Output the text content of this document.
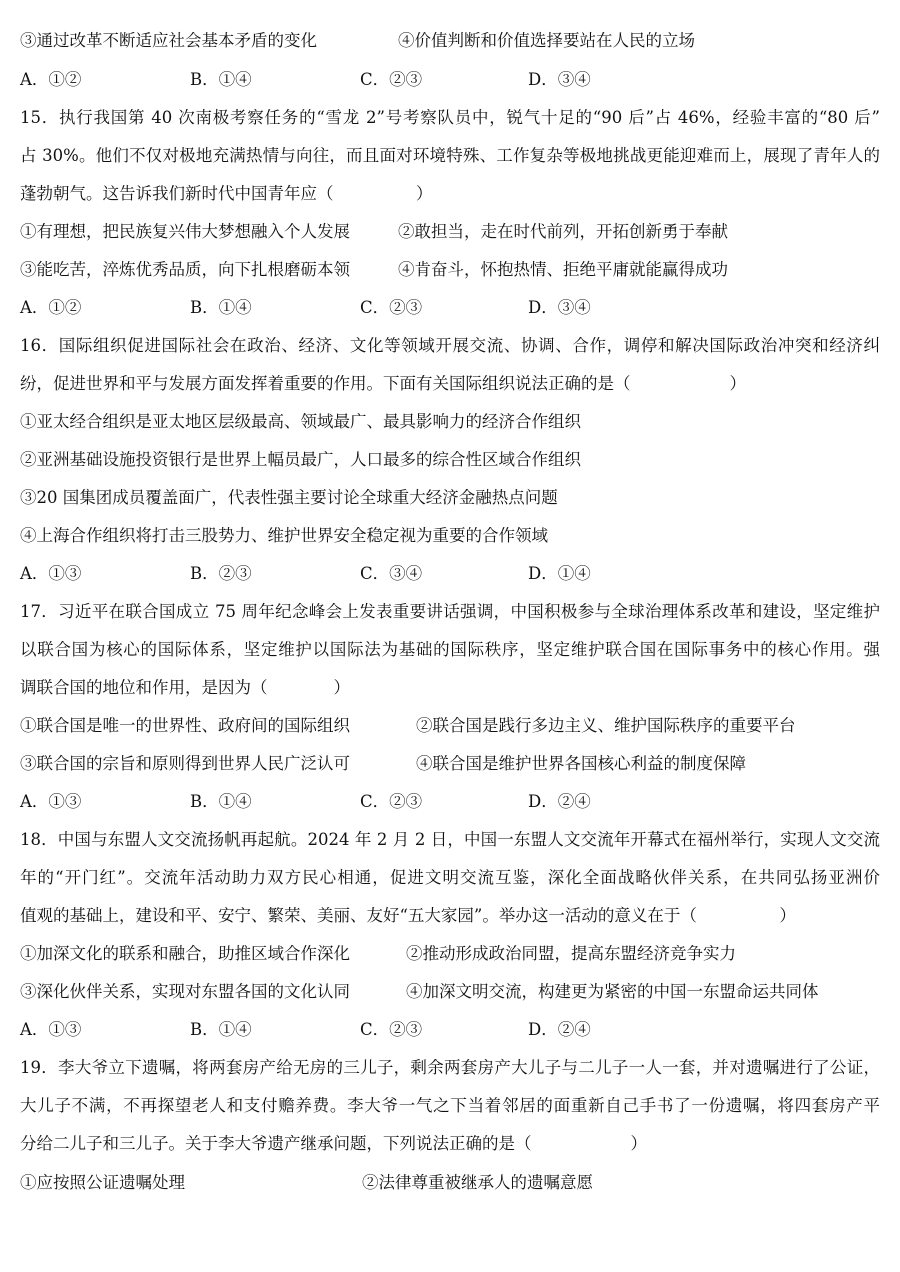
③通过改革不断适应社会基本矛盾的变化	④价值判断和价值选择要站在人民的立场
A．①②	B．①④	C．②③	D．③④
15．执行我国第 40 次南极考察任务的“雪龙 2”号考察队员中，锐气十足的“90 后”占 46%，经验丰富的“80 后”
占 30%。他们不仅对极地充满热情与向往，而且面对环境特殊、工作复杂等极地挑战更能迎难而上，展现了青年人的
蓬勃朝气。这告诉我们新时代中国青年应（　　　　　）
①有理想，把民族复兴伟大梦想融入个人发展	②敢担当，走在时代前列，开拓创新勇于奉献
③能吃苦，淬炼优秀品质，向下扎根磨砺本领	④肯奋斗，怀抱热情、拒绝平庸就能赢得成功
A．①②	B．①④	C．②③	D．③④
16．国际组织促进国际社会在政治、经济、文化等领域开展交流、协调、合作，调停和解决国际政治冲突和经济纠
纷，促进世界和平与发展方面发挥着重要的作用。下面有关国际组织说法正确的是（　　　　　　）
①亚太经合组织是亚太地区层级最高、领域最广、最具影响力的经济合作组织
②亚洲基础设施投资银行是世界上幅员最广，人口最多的综合性区域合作组织
③20 国集团成员覆盖面广，代表性强主要讨论全球重大经济金融热点问题
④上海合作组织将打击三股势力、维护世界安全稳定视为重要的合作领域
A．①③	B．②③	C．③④	D．①④
17．习近平在联合国成立 75 周年纪念峰会上发表重要讲话强调，中国积极参与全球治理体系改革和建设，坚定维护
以联合国为核心的国际体系，坚定维护以国际法为基础的国际秩序，坚定维护联合国在国际事务中的核心作用。强
调联合国的地位和作用，是因为（　　　　）
①联合国是唯一的世界性、政府间的国际组织	②联合国是践行多边主义、维护国际秩序的重要平台
③联合国的宗旨和原则得到世界人民广泛认可	④联合国是维护世界各国核心利益的制度保障
A．①③	B．①④	C．②③	D．②④
18．中国与东盟人文交流扬帆再起航。2024 年 2 月 2 日，中国一东盟人文交流年开幕式在福州举行，实现人文交流
年的“开门红”。交流年活动助力双方民心相通，促进文明交流互鉴，深化全面战略伙伴关系，在共同弘扬亚洲价
值观的基础上，建设和平、安宁、繁荣、美丽、友好“五大家园”。举办这一活动的意义在于（　　　　　）
①加深文化的联系和融合，助推区域合作深化	②推动形成政治同盟，提高东盟经济竞争实力
③深化伙伴关系，实现对东盟各国的文化认同	④加深文明交流，构建更为紧密的中国一东盟命运共同体
A．①③	B．①④	C．②③	D．②④
19．李大爷立下遗嘱，将两套房产给无房的三儿子，剩余两套房产大儿子与二儿子一人一套，并对遗嘱进行了公证，
大儿子不满，不再探望老人和支付赡养费。李大爷一气之下当着邻居的面重新自己手书了一份遗嘱，将四套房产平
分给二儿子和三儿子。关于李大爷遗产继承问题，下列说法正确的是（　　　　　　）
①应按照公证遗嘱处理	②法律尊重被继承人的遗嘱意愿
